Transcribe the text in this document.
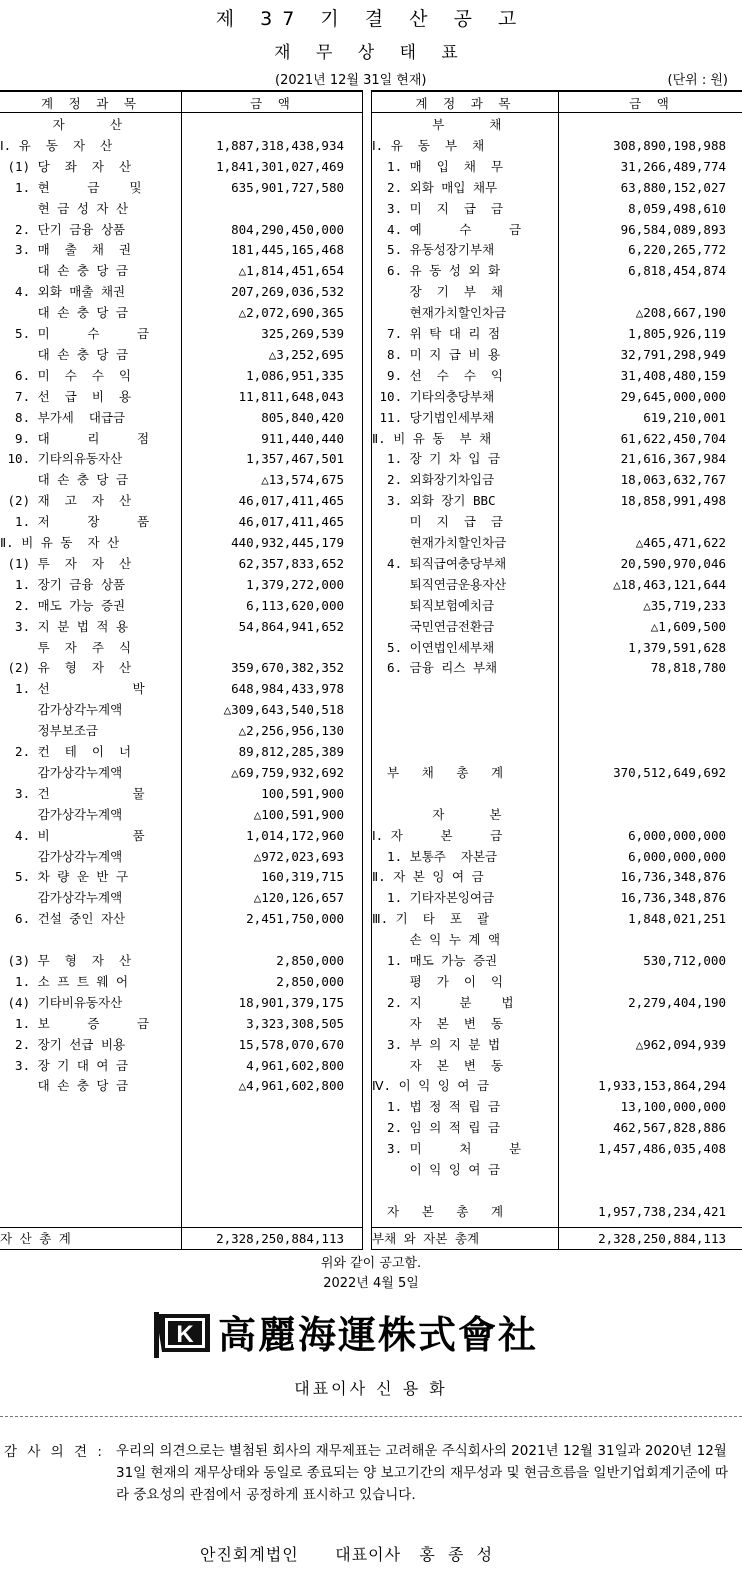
제 37 기 결 산 공 고
재 무 상 태 표
(2021년 12월 31일 현재)	(단위 : 원)
계 정 과 목	금 액
자      산
Ⅰ. 유  동  자  산	1,887,318,438,934
(1) 당  좌  자  산	1,841,301,027,469
1. 현     금    및	635,901,727,580
현 금 성 자 산
2. 단기 금융 상품	804,290,450,000
3. 매  출  채  권	181,445,165,468
대 손 충 당 금	△1,814,451,654
4. 외화 매출 채권	207,269,036,532
대 손 충 당 금	△2,072,690,365
5. 미     수     금	325,269,539
대 손 충 당 금	△3,252,695
6. 미  수  수  익	1,086,951,335
7. 선  급  비  용	11,811,648,043
8. 부가세  대급금	805,840,420
9. 대     리     점	911,440,440
10. 기타의유동자산	1,357,467,501
대 손 충 당 금	△13,574,675
(2) 재  고  자  산	46,017,411,465
1. 저     장     품	46,017,411,465
Ⅱ. 비 유 동  자 산	440,932,445,179
(1) 투  자  자  산	62,357,833,652
1. 장기 금융 상품	1,379,272,000
2. 매도 가능 증권	6,113,620,000
3. 지 분 법 적 용	54,864,941,652
투  자  주  식
(2) 유  형  자  산	359,670,382,352
1. 선           박	648,984,433,978
감가상각누계액	△309,643,540,518
정부보조금	△2,256,956,130
2. 컨  테  이  너	89,812,285,389
감가상각누계액	△69,759,932,692
3. 건           물	100,591,900
감가상각누계액	△100,591,900
4. 비           품	1,014,172,960
감가상각누계액	△972,023,693
5. 차 량 운 반 구	160,319,715
감가상각누계액	△120,126,657
6. 건설 중인 자산	2,451,750,000
(3) 무  형  자  산	2,850,000
1. 소 프 트 웨 어	2,850,000
(4) 기타비유동자산	18,901,379,175
1. 보     증     금	3,323,308,505
2. 장기 선급 비용	15,578,070,670
3. 장 기 대 여 금	4,961,602,800
대 손 충 당 금	△4,961,602,800
자 산 총 계	2,328,250,884,113
계 정 과 목	금 액
부      채
Ⅰ. 유  동  부  채	308,890,198,988
1. 매  입  채  무	31,266,489,774
2. 외화 매입 채무	63,880,152,027
3. 미  지  급  금	8,059,498,610
4. 예     수     금	96,584,089,893
5. 유동성장기부채	6,220,265,772
6. 유 동 성 외 화	6,818,454,874
장  기  부  채
현재가치할인차금	△208,667,190
7. 위 탁 대 리 점	1,805,926,119
8. 미 지 급 비 용	32,791,298,949
9. 선  수  수  익	31,408,480,159
10. 기타의충당부채	29,645,000,000
11. 당기법인세부채	619,210,001
Ⅱ. 비 유 동  부 채	61,622,450,704
1. 장 기 차 입 금	21,616,367,984
2. 외화장기차입금	18,063,632,767
3. 외화 장기 BBC	18,858,991,498
미  지  급  금
현재가치할인차금	△465,471,622
4. 퇴직급여충당부채	20,590,970,046
퇴직연금운용자산	△18,463,121,644
퇴직보험예치금	△35,719,233
국민연금전환금	△1,609,500
5. 이연법인세부채	1,379,591,628
6. 금융 리스 부채	78,818,780
부   채   총   계	370,512,649,692
자      본
Ⅰ. 자     본     금	6,000,000,000
1. 보통주  자본금	6,000,000,000
Ⅱ. 자 본 잉 여 금	16,736,348,876
1. 기타자본잉여금	16,736,348,876
Ⅲ. 기  타  포  괄	1,848,021,251
손 익 누 계 액
1. 매도 가능 증권	530,712,000
평  가  이  익
2. 지     분    법	2,279,404,190
자  본  변  동
3. 부 의 지 분 법	△962,094,939
자  본  변  동
Ⅳ. 이 익 잉 여 금	1,933,153,864,294
1. 법 정 적 립 금	13,100,000,000
2. 임 의 적 립 금	462,567,828,886
3. 미     처     분	1,457,486,035,408
이 익 잉 여 금
자   본   총   계	1,957,738,234,421
부채 와 자본 총계	2,328,250,884,113
위와 같이 공고함.
2022년 4월 5일
K 高麗海運株式會社
대표이사 신 용 화
감 사 의 견 : 우리의 의견으로는 별첨된 회사의 재무제표는 고려해운 주식회사의 2021년 12월 31일과 2020년 12월 31일 현재의 재무상태와 동일로 종료되는 양 보고기간의 재무성과 및 현금흐름을 일반기업회계기준에 따라 중요성의 관점에서 공정하게 표시하고 있습니다.
안진회계법인      대표이사   홍  종  성
